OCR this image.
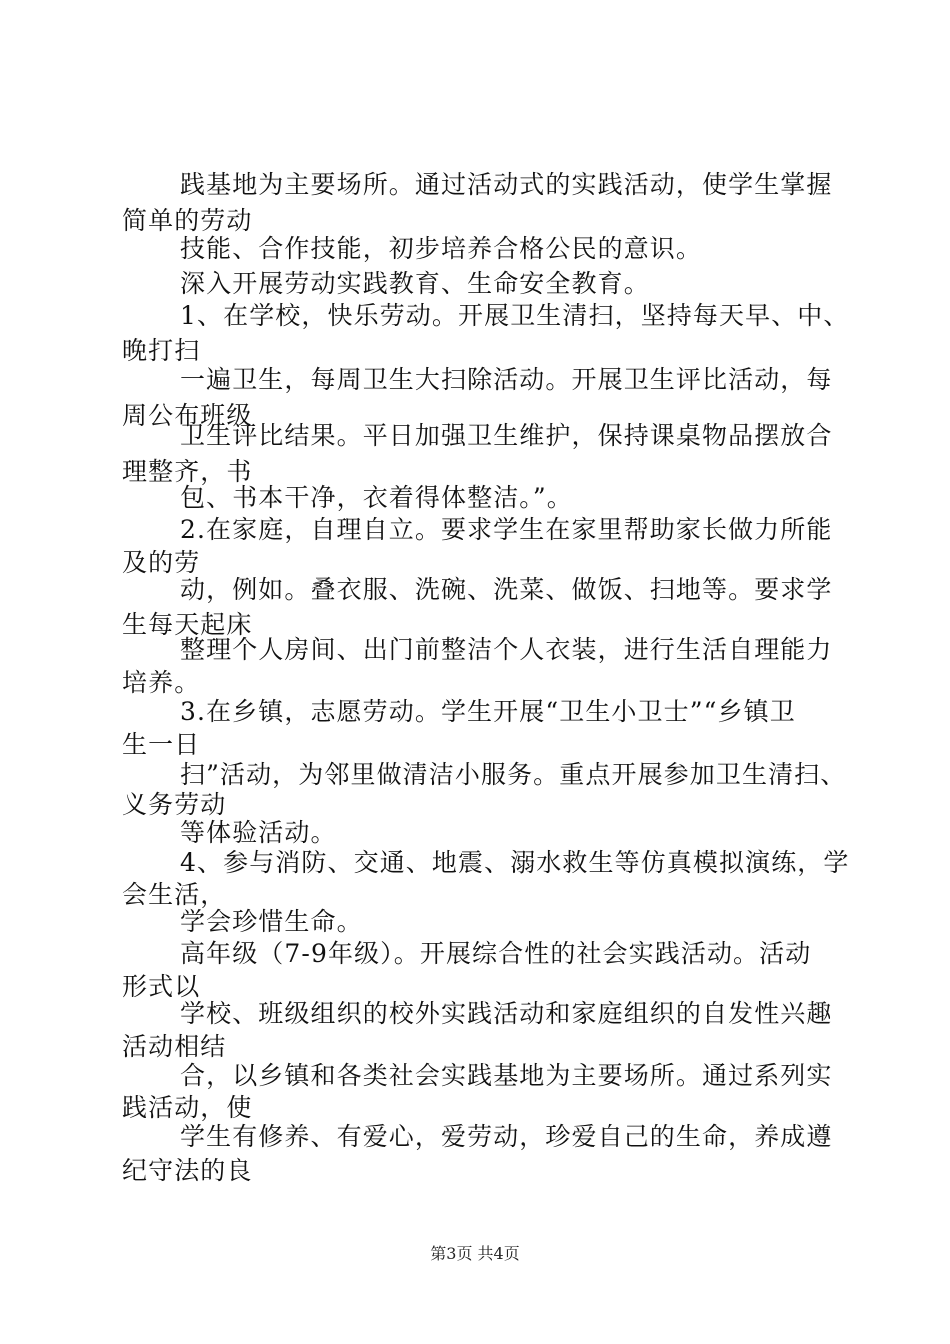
践基地为主要场所。通过活动式的实践活动，使学生掌握
简单的劳动
技能、合作技能，初步培养合格公民的意识。
深入开展劳动实践教育、生命安全教育。
1、在学校，快乐劳动。开展卫生清扫，坚持每天早、中、
晚打扫
一遍卫生，每周卫生大扫除活动。开展卫生评比活动，每
周公布班级
卫生评比结果。平日加强卫生维护，保持课桌物品摆放合
理整齐，书
包、书本干净，衣着得体整洁。”。
2.在家庭，自理自立。要求学生在家里帮助家长做力所能
及的劳
动，例如。叠衣服、洗碗、洗菜、做饭、扫地等。要求学
生每天起床
整理个人房间、出门前整洁个人衣装，进行生活自理能力
培养。
3.在乡镇，志愿劳动。学生开展“卫生小卫士”“乡镇卫
生一日
扫”活动，为邻里做清洁小服务。重点开展参加卫生清扫、
义务劳动
等体验活动。
4、参与消防、交通、地震、溺水救生等仿真模拟演练，学
会生活，
学会珍惜生命。
高年级（7-9年级）。开展综合性的社会实践活动。活动
形式以
学校、班级组织的校外实践活动和家庭组织的自发性兴趣
活动相结
合，以乡镇和各类社会实践基地为主要场所。通过系列实
践活动，使
学生有修养、有爱心，爱劳动，珍爱自己的生命，养成遵
纪守法的良
第3页 共4页
